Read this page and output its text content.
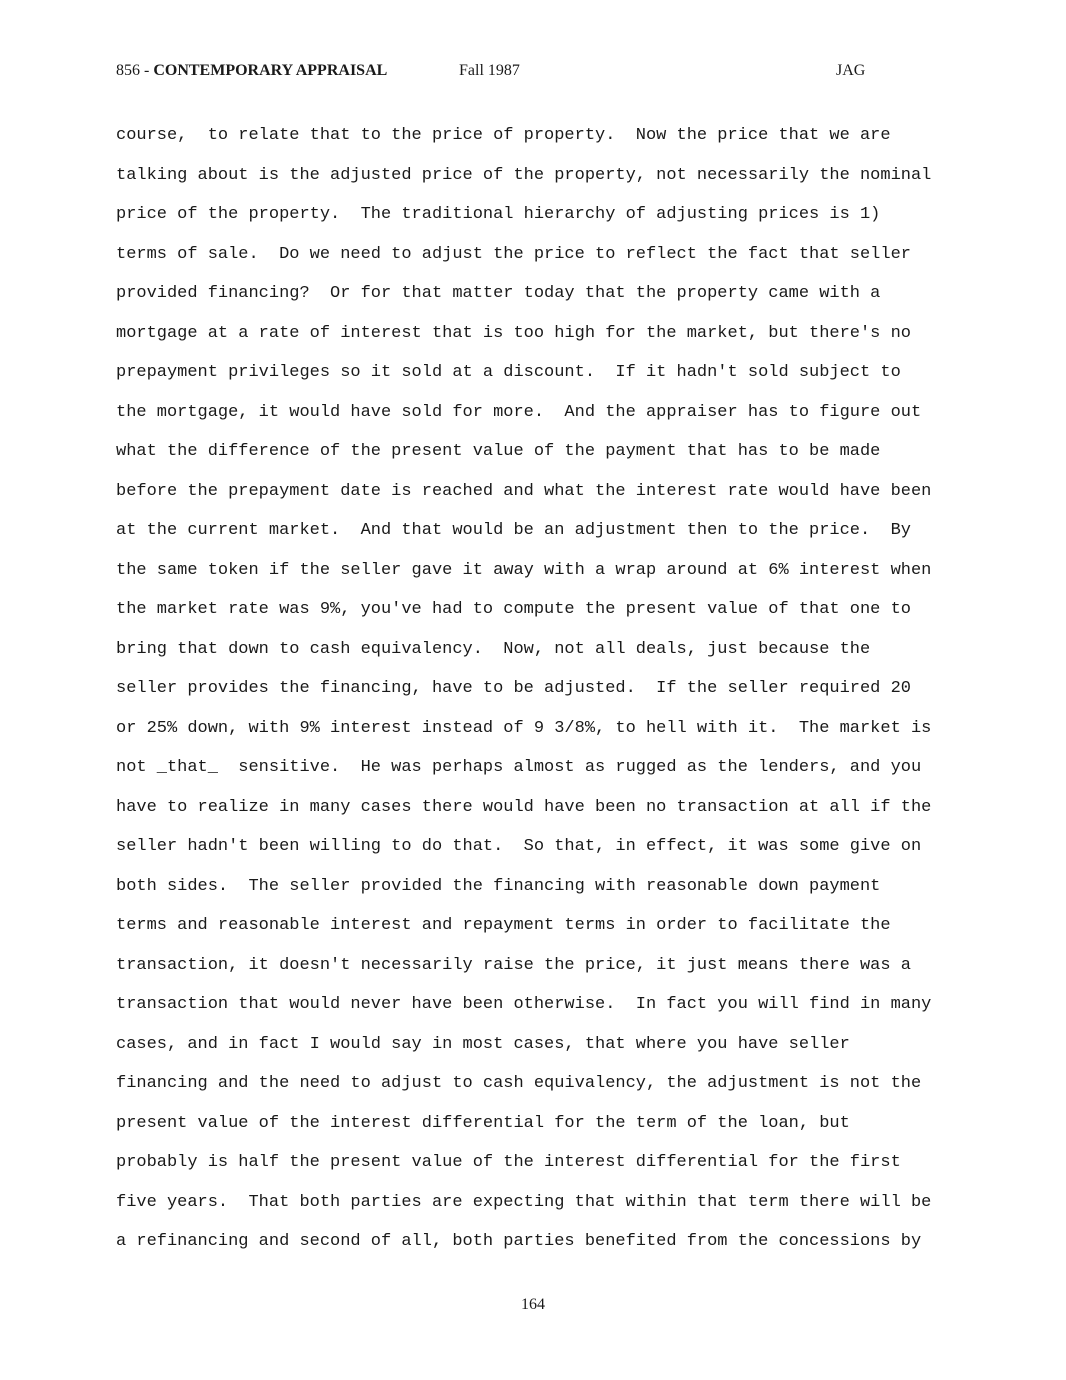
856 - CONTEMPORARY APPRAISAL	Fall 1987	JAG
course,  to relate that to the price of property.  Now the price that we are
talking about is the adjusted price of the property, not necessarily the nominal
price of the property.  The traditional hierarchy of adjusting prices is 1)
terms of sale.  Do we need to adjust the price to reflect the fact that seller
provided financing?  Or for that matter today that the property came with a
mortgage at a rate of interest that is too high for the market, but there's no
prepayment privileges so it sold at a discount.  If it hadn't sold subject to
the mortgage, it would have sold for more.  And the appraiser has to figure out
what the difference of the present value of the payment that has to be made
before the prepayment date is reached and what the interest rate would have been
at the current market.  And that would be an adjustment then to the price.  By
the same token if the seller gave it away with a wrap around at 6% interest when
the market rate was 9%, you've had to compute the present value of that one to
bring that down to cash equivalency.  Now, not all deals, just because the
seller provides the financing, have to be adjusted.  If the seller required 20
or 25% down, with 9% interest instead of 9 3/8%, to hell with it.  The market is
not _that_  sensitive.  He was perhaps almost as rugged as the lenders, and you
have to realize in many cases there would have been no transaction at all if the
seller hadn't been willing to do that.  So that, in effect, it was some give on
both sides.  The seller provided the financing with reasonable down payment
terms and reasonable interest and repayment terms in order to facilitate the
transaction, it doesn't necessarily raise the price, it just means there was a
transaction that would never have been otherwise.  In fact you will find in many
cases, and in fact I would say in most cases, that where you have seller
financing and the need to adjust to cash equivalency, the adjustment is not the
present value of the interest differential for the term of the loan, but
probably is half the present value of the interest differential for the first
five years.  That both parties are expecting that within that term there will be
a refinancing and second of all, both parties benefited from the concessions by
164
